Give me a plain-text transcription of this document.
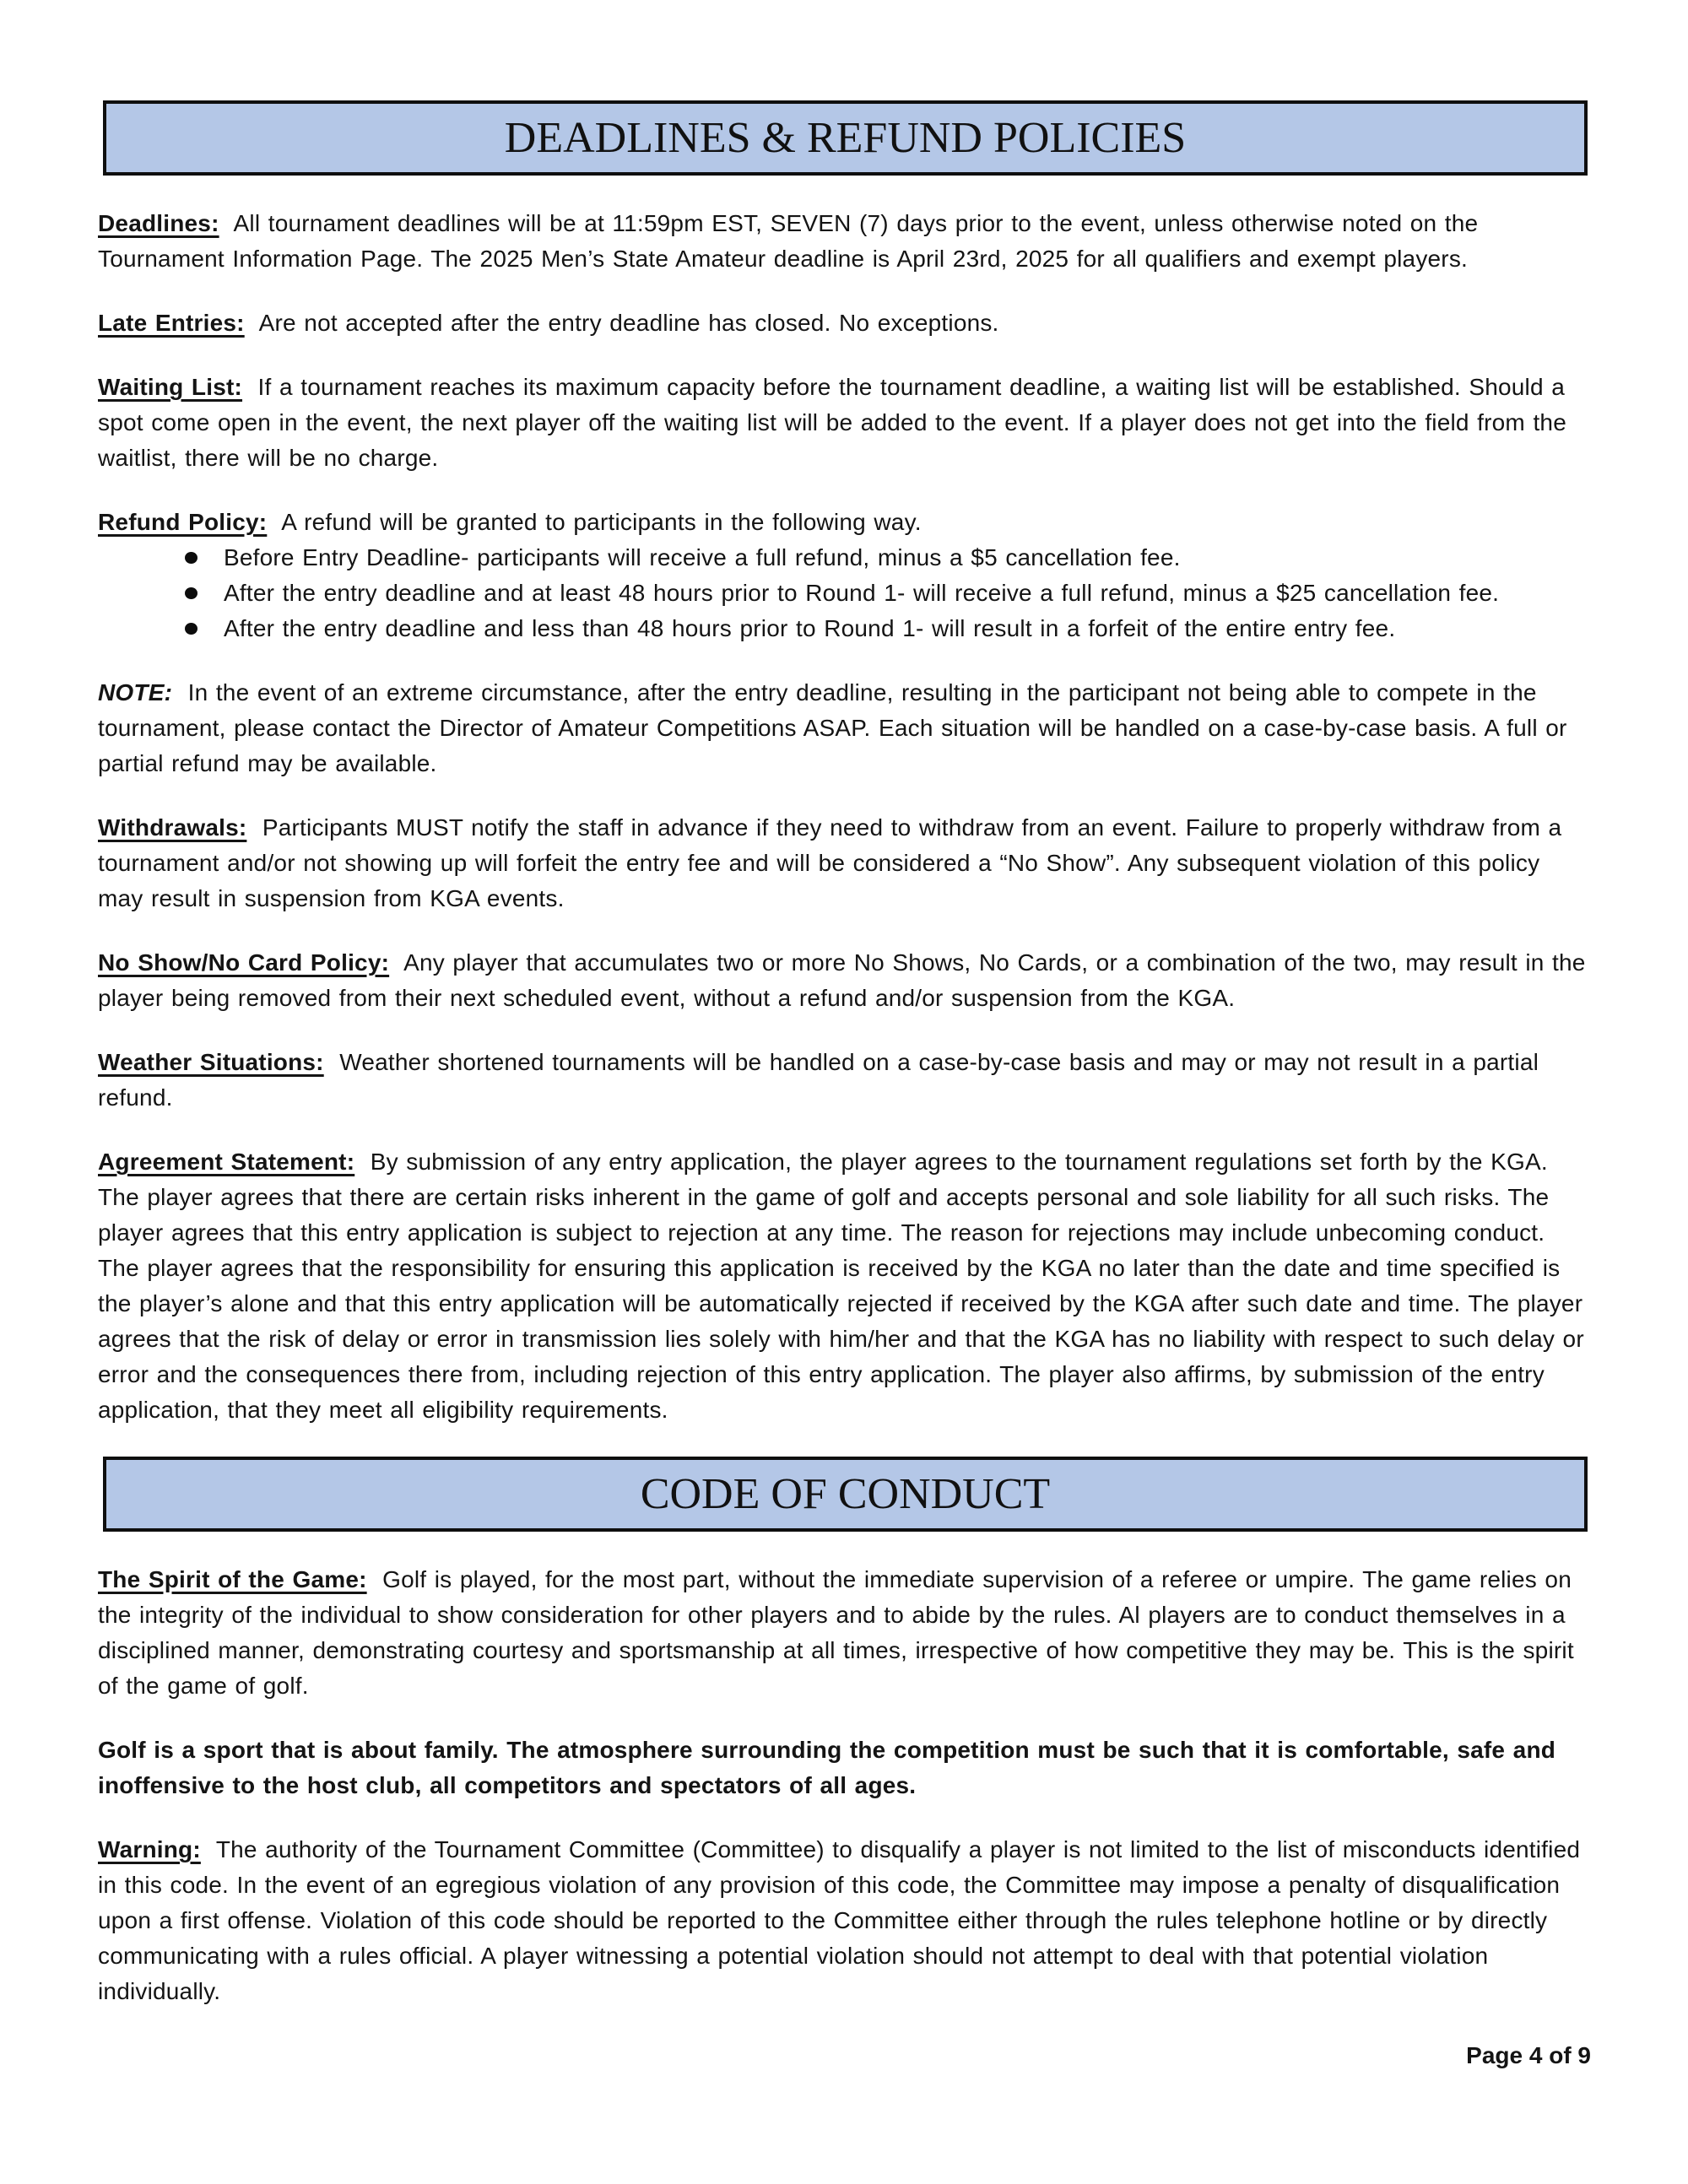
DEADLINES & REFUND POLICIES

Deadlines: All tournament deadlines will be at 11:59pm EST, SEVEN (7) days prior to the event, unless otherwise noted on the Tournament Information Page. The 2025 Men’s State Amateur deadline is April 23rd, 2025 for all qualifiers and exempt players.

Late Entries: Are not accepted after the entry deadline has closed. No exceptions.

Waiting List: If a tournament reaches its maximum capacity before the tournament deadline, a waiting list will be established. Should a spot come open in the event, the next player off the waiting list will be added to the event. If a player does not get into the field from the waitlist, there will be no charge.

Refund Policy: A refund will be granted to participants in the following way.

Before Entry Deadline- participants will receive a full refund, minus a $5 cancellation fee.
After the entry deadline and at least 48 hours prior to Round 1- will receive a full refund, minus a $25 cancellation fee.
After the entry deadline and less than 48 hours prior to Round 1- will result in a forfeit of the entire entry fee.

NOTE: In the event of an extreme circumstance, after the entry deadline, resulting in the participant not being able to compete in the tournament, please contact the Director of Amateur Competitions ASAP. Each situation will be handled on a case-by-case basis. A full or partial refund may be available.

Withdrawals: Participants MUST notify the staff in advance if they need to withdraw from an event. Failure to properly withdraw from a tournament and/or not showing up will forfeit the entry fee and will be considered a “No Show”. Any subsequent violation of this policy may result in suspension from KGA events.

No Show/No Card Policy: Any player that accumulates two or more No Shows, No Cards, or a combination of the two, may result in the player being removed from their next scheduled event, without a refund and/or suspension from the KGA.

Weather Situations: Weather shortened tournaments will be handled on a case-by-case basis and may or may not result in a partial refund.

Agreement Statement: By submission of any entry application, the player agrees to the tournament regulations set forth by the KGA. The player agrees that there are certain risks inherent in the game of golf and accepts personal and sole liability for all such risks. The player agrees that this entry application is subject to rejection at any time. The reason for rejections may include unbecoming conduct. The player agrees that the responsibility for ensuring this application is received by the KGA no later than the date and time specified is the player’s alone and that this entry application will be automatically rejected if received by the KGA after such date and time. The player agrees that the risk of delay or error in transmission lies solely with him/her and that the KGA has no liability with respect to such delay or error and the consequences there from, including rejection of this entry application. The player also affirms, by submission of the entry application, that they meet all eligibility requirements.

CODE OF CONDUCT

The Spirit of the Game: Golf is played, for the most part, without the immediate supervision of a referee or umpire. The game relies on the integrity of the individual to show consideration for other players and to abide by the rules. Al players are to conduct themselves in a disciplined manner, demonstrating courtesy and sportsmanship at all times, irrespective of how competitive they may be. This is the spirit of the game of golf.

Golf is a sport that is about family. The atmosphere surrounding the competition must be such that it is comfortable, safe and inoffensive to the host club, all competitors and spectators of all ages.

Warning: The authority of the Tournament Committee (Committee) to disqualify a player is not limited to the list of misconducts identified in this code. In the event of an egregious violation of any provision of this code, the Committee may impose a penalty of disqualification upon a first offense. Violation of this code should be reported to the Committee either through the rules telephone hotline or by directly communicating with a rules official. A player witnessing a potential violation should not attempt to deal with that potential violation individually.

Page 4 of 9
